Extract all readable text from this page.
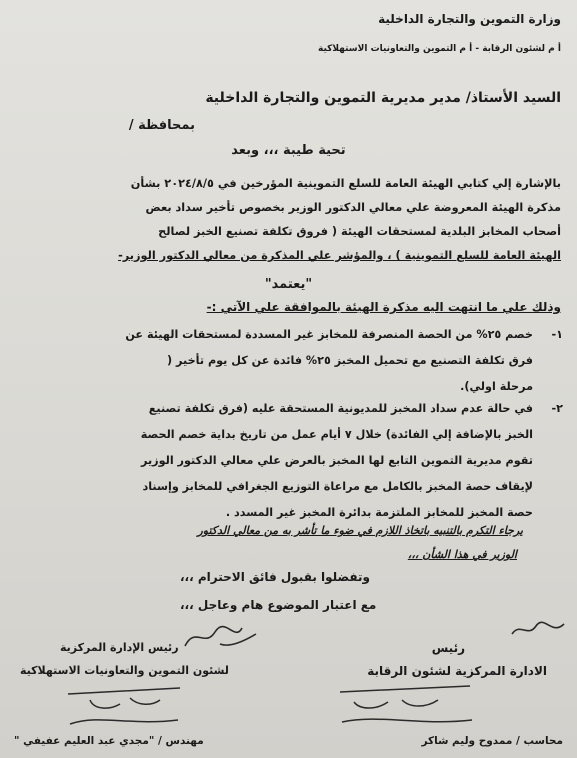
وزارة التموين والتجارة الداخلية
أ م لشئون الرقابة - أ م التموين والتعاونيات الاستهلاكية
السيد الأستاذ/ مدير مديرية التموين والتجارة الداخلية
بمحافظة /
تحية طيبة ،،، وبعد
بالإشارة إلي كتابي الهيئة العامة للسلع التموينية المؤرخين في ٢٠٢٤/٨/٥ بشأن
مذكرة الهيئة المعروضة علي معالي الدكتور الوزير بخصوص تأخير سداد بعض
أصحاب المخابز البلدية لمستحقات الهيئة ( فروق تكلفة تصنيع الخبز لصالح
الهيئة العامة للسلع التموينية ) ، والمؤشر علي المذكرة من معالي الدكتور الوزير-
"يعتمد"
وذلك علي ما انتهت اليه مذكرة الهيئة بالموافقة علي الآتي :-
١-
خصم ٢٥% من الحصة المنصرفة للمخابز غير المسددة لمستحقات الهيئة عن
فرق تكلفة التصنيع مع تحميل المخبز ٢٥% فائدة عن كل يوم تأخير (
مرحلة اولي).
٢-
في حالة عدم سداد المخبز للمديونية المستحقة عليه (فرق تكلفة تصنيع
الخبز بالإضافة إلي الفائدة) خلال ٧ أيام عمل من تاريخ بداية خصم الحصة
تقوم مديرية التموين التابع لها المخبز بالعرض علي معالي الدكتور الوزير
لإيقاف حصة المخبز بالكامل مع مراعاة التوزيع الجغرافي للمخابز وإسناد
حصة المخبز للمخابز الملتزمة بدائرة المخبز غير المسدد .
يرجاء التكرم بالتنبيه باتخاذ اللازم في ضوء ما تأشر به من معالي الدكتور
الوزير في هذا الشأن ،،،
وتفضلوا بقبول فائق الاحترام ،،،
مع اعتبار الموضوع هام وعاجل ،،،
رئيس الإدارة المركزية
لشئون التموين والتعاونيات الاستهلاكية
مهندس / "مجدي عبد العليم عفيفي "
رئيس
الادارة المركزية لشئون الرقابة
محاسب / ممدوح وليم شاكر
